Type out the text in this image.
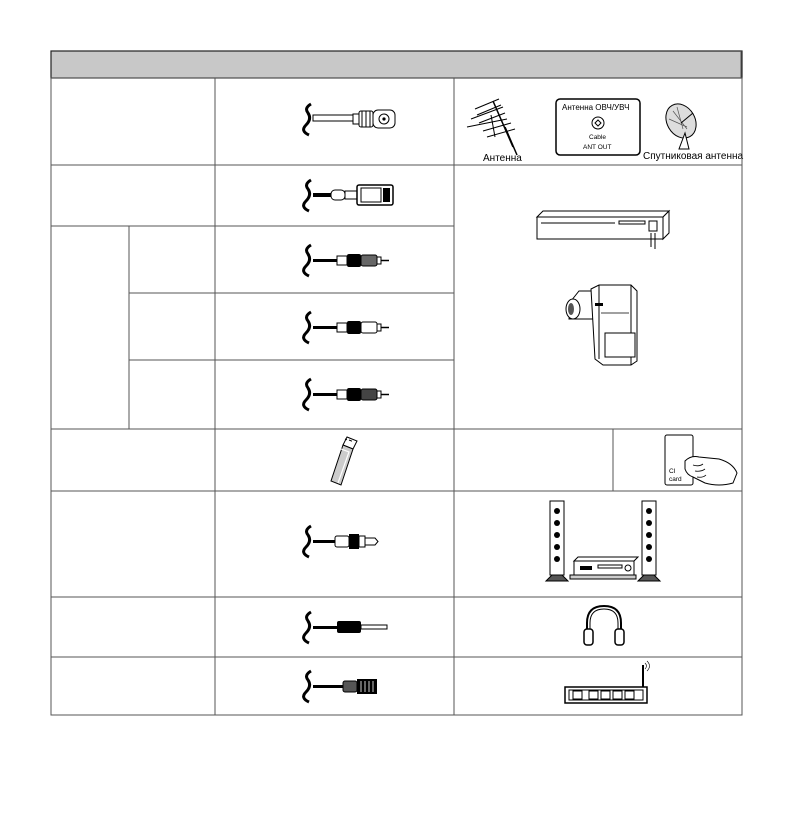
Антенна
Антенна ОВЧ/УВЧ
Cable
ANT OUT
Спутниковая антенна
CI
card
